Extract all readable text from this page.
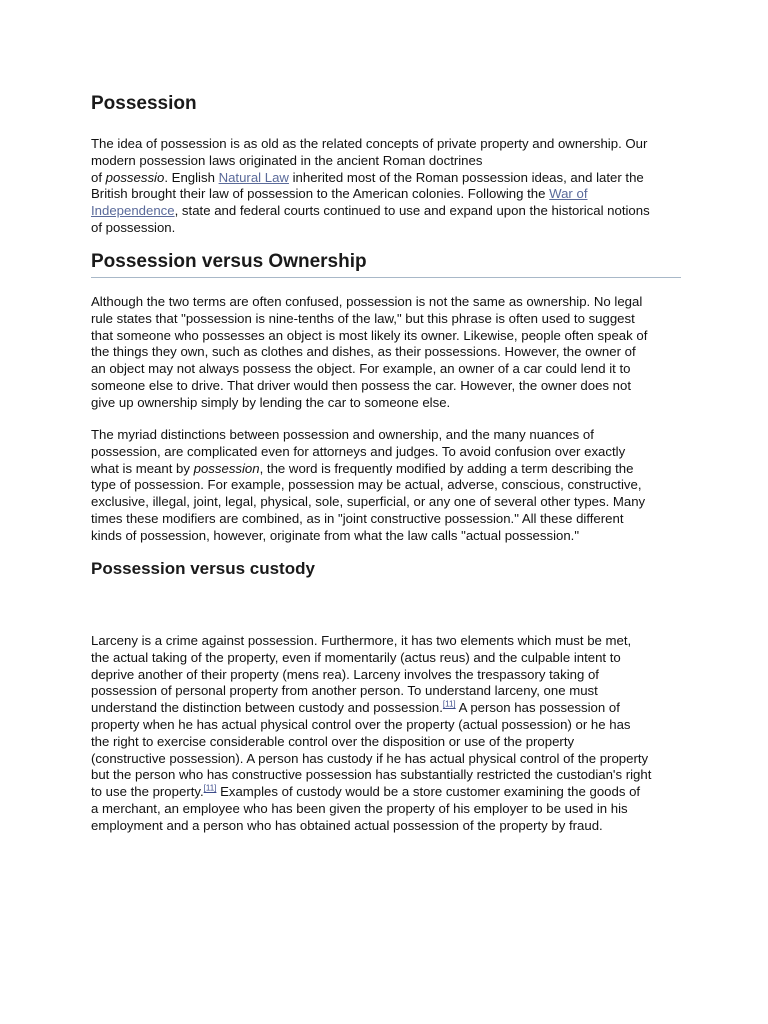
Possession

The idea of possession is as old as the related concepts of private property and ownership. Our
modern possession laws originated in the ancient Roman doctrines
of possessio. English Natural Law inherited most of the Roman possession ideas, and later the
British brought their law of possession to the American colonies. Following the War of
Independence, state and federal courts continued to use and expand upon the historical notions
of possession.

Possession versus Ownership

Although the two terms are often confused, possession is not the same as ownership. No legal
rule states that "possession is nine-tenths of the law," but this phrase is often used to suggest
that someone who possesses an object is most likely its owner. Likewise, people often speak of
the things they own, such as clothes and dishes, as their possessions. However, the owner of
an object may not always possess the object. For example, an owner of a car could lend it to
someone else to drive. That driver would then possess the car. However, the owner does not
give up ownership simply by lending the car to someone else.

The myriad distinctions between possession and ownership, and the many nuances of
possession, are complicated even for attorneys and judges. To avoid confusion over exactly
what is meant by possession, the word is frequently modified by adding a term describing the
type of possession. For example, possession may be actual, adverse, conscious, constructive,
exclusive, illegal, joint, legal, physical, sole, superficial, or any one of several other types. Many
times these modifiers are combined, as in "joint constructive possession." All these different
kinds of possession, however, originate from what the law calls "actual possession."

Possession versus custody

Larceny is a crime against possession. Furthermore, it has two elements which must be met,
the actual taking of the property, even if momentarily (actus reus) and the culpable intent to
deprive another of their property (mens rea). Larceny involves the trespassory taking of
possession of personal property from another person. To understand larceny, one must
understand the distinction between custody and possession.[11] A person has possession of
property when he has actual physical control over the property (actual possession) or he has
the right to exercise considerable control over the disposition or use of the property
(constructive possession). A person has custody if he has actual physical control of the property
but the person who has constructive possession has substantially restricted the custodian's right
to use the property.[11] Examples of custody would be a store customer examining the goods of
a merchant, an employee who has been given the property of his employer to be used in his
employment and a person who has obtained actual possession of the property by fraud.
